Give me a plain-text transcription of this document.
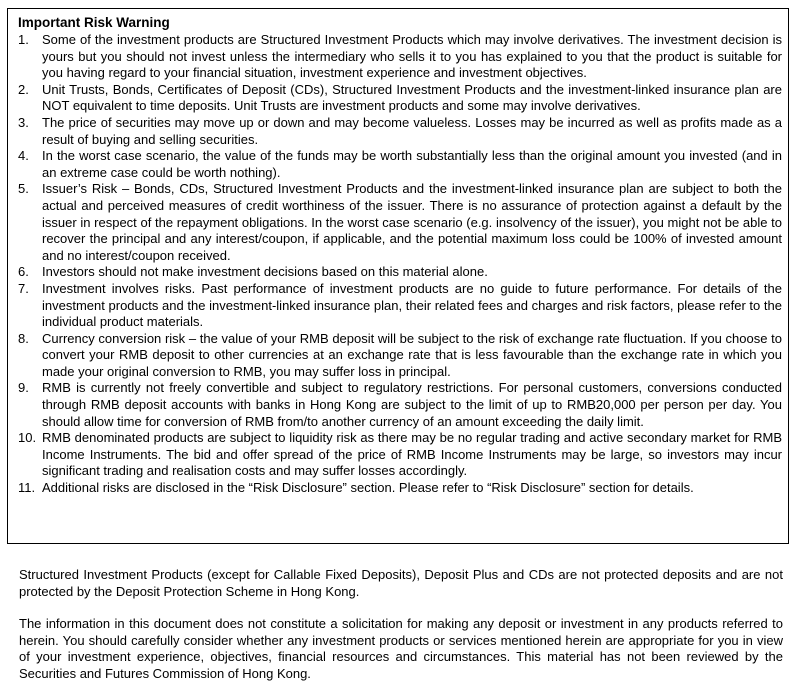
Important Risk Warning
1. Some of the investment products are Structured Investment Products which may involve derivatives. The investment decision is yours but you should not invest unless the intermediary who sells it to you has explained to you that the product is suitable for you having regard to your financial situation, investment experience and investment objectives.
2. Unit Trusts, Bonds, Certificates of Deposit (CDs), Structured Investment Products and the investment-linked insurance plan are NOT equivalent to time deposits. Unit Trusts are investment products and some may involve derivatives.
3. The price of securities may move up or down and may become valueless. Losses may be incurred as well as profits made as a result of buying and selling securities.
4. In the worst case scenario, the value of the funds may be worth substantially less than the original amount you invested (and in an extreme case could be worth nothing).
5. Issuer’s Risk – Bonds, CDs, Structured Investment Products and the investment-linked insurance plan are subject to both the actual and perceived measures of credit worthiness of the issuer. There is no assurance of protection against a default by the issuer in respect of the repayment obligations. In the worst case scenario (e.g. insolvency of the issuer), you might not be able to recover the principal and any interest/coupon, if applicable, and the potential maximum loss could be 100% of invested amount and no interest/coupon received.
6. Investors should not make investment decisions based on this material alone.
7. Investment involves risks. Past performance of investment products are no guide to future performance. For details of the investment products and the investment-linked insurance plan, their related fees and charges and risk factors, please refer to the individual product materials.
8. Currency conversion risk – the value of your RMB deposit will be subject to the risk of exchange rate fluctuation. If you choose to convert your RMB deposit to other currencies at an exchange rate that is less favourable than the exchange rate in which you made your original conversion to RMB, you may suffer loss in principal.
9. RMB is currently not freely convertible and subject to regulatory restrictions. For personal customers, conversions conducted through RMB deposit accounts with banks in Hong Kong are subject to the limit of up to RMB20,000 per person per day. You should allow time for conversion of RMB from/to another currency of an amount exceeding the daily limit.
10. RMB denominated products are subject to liquidity risk as there may be no regular trading and active secondary market for RMB Income Instruments. The bid and offer spread of the price of RMB Income Instruments may be large, so investors may incur significant trading and realisation costs and may suffer losses accordingly.
11. Additional risks are disclosed in the “Risk Disclosure” section. Please refer to “Risk Disclosure” section for details.
Structured Investment Products (except for Callable Fixed Deposits), Deposit Plus and CDs are not protected deposits and are not protected by the Deposit Protection Scheme in Hong Kong.
The information in this document does not constitute a solicitation for making any deposit or investment in any products referred to herein. You should carefully consider whether any investment products or services mentioned herein are appropriate for you in view of your investment experience, objectives, financial resources and circumstances. This material has not been reviewed by the Securities and Futures Commission of Hong Kong.
